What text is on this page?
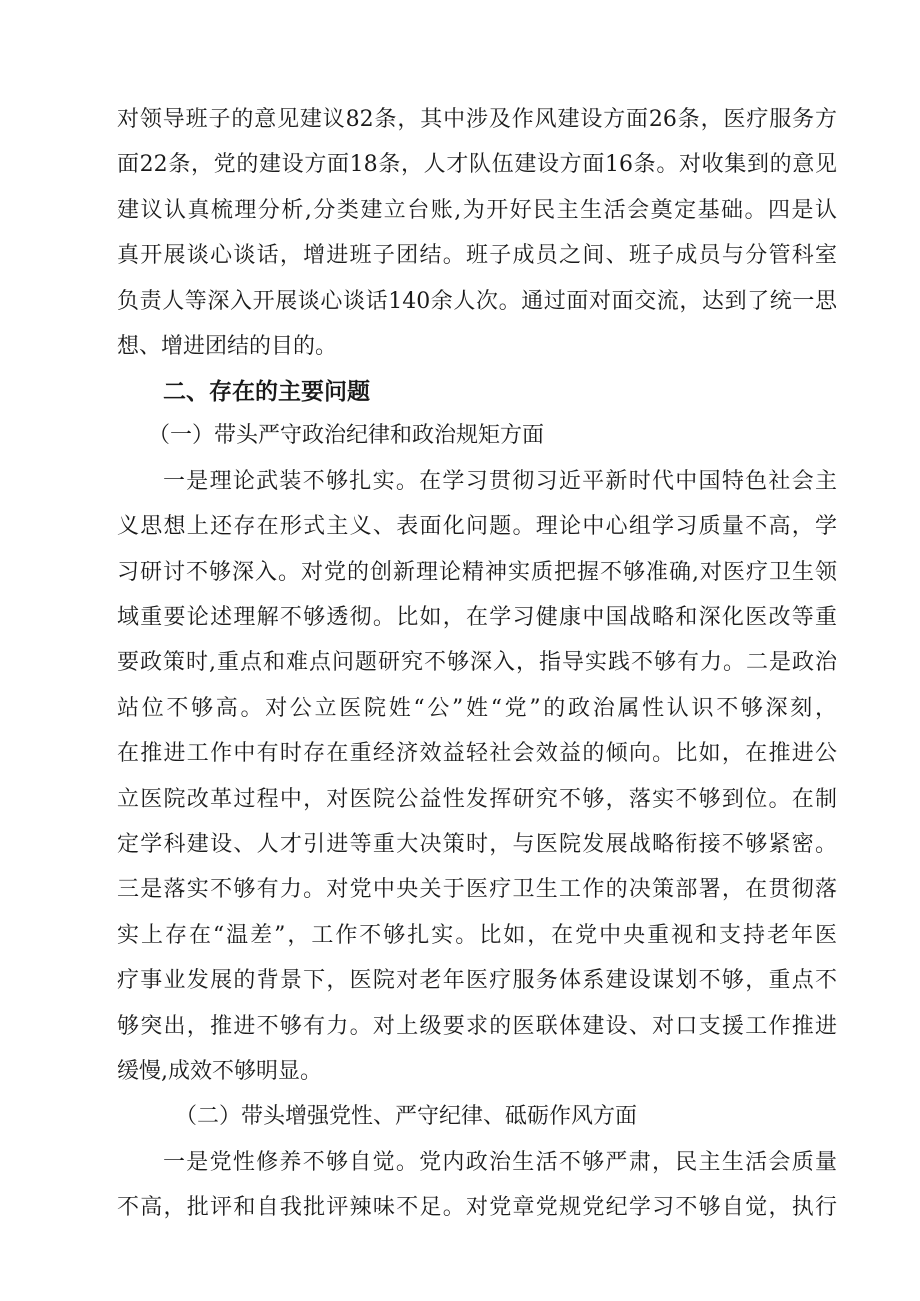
对领导班子的意见建议82条，其中涉及作风建设方面26条，医疗服务方
面22条，党的建设方面18条，人才队伍建设方面16条。对收集到的意见
建议认真梳理分析,分类建立台账,为开好民主生活会奠定基础。四是认
真开展谈心谈话，增进班子团结。班子成员之间、班子成员与分管科室
负责人等深入开展谈心谈话140余人次。通过面对面交流，达到了统一思
想、增进团结的目的。
二、存在的主要问题
（一）带头严守政治纪律和政治规矩方面
一是理论武装不够扎实。在学习贯彻习近平新时代中国特色社会主
义思想上还存在形式主义、表面化问题。理论中心组学习质量不高，学
习研讨不够深入。对党的创新理论精神实质把握不够准确,对医疗卫生领
域重要论述理解不够透彻。比如，在学习健康中国战略和深化医改等重
要政策时,重点和难点问题研究不够深入，指导实践不够有力。二是政治
站位不够高。对公立医院姓“公”姓“党”的政治属性认识不够深刻，
在推进工作中有时存在重经济效益轻社会效益的倾向。比如，在推进公
立医院改革过程中，对医院公益性发挥研究不够，落实不够到位。在制
定学科建设、人才引进等重大决策时，与医院发展战略衔接不够紧密。
三是落实不够有力。对党中央关于医疗卫生工作的决策部署，在贯彻落
实上存在“温差”，工作不够扎实。比如，在党中央重视和支持老年医
疗事业发展的背景下，医院对老年医疗服务体系建设谋划不够，重点不
够突出，推进不够有力。对上级要求的医联体建设、对口支援工作推进
缓慢,成效不够明显。
（二）带头增强党性、严守纪律、砥砺作风方面
一是党性修养不够自觉。党内政治生活不够严肃，民主生活会质量
不高，批评和自我批评辣味不足。对党章党规党纪学习不够自觉，执行
